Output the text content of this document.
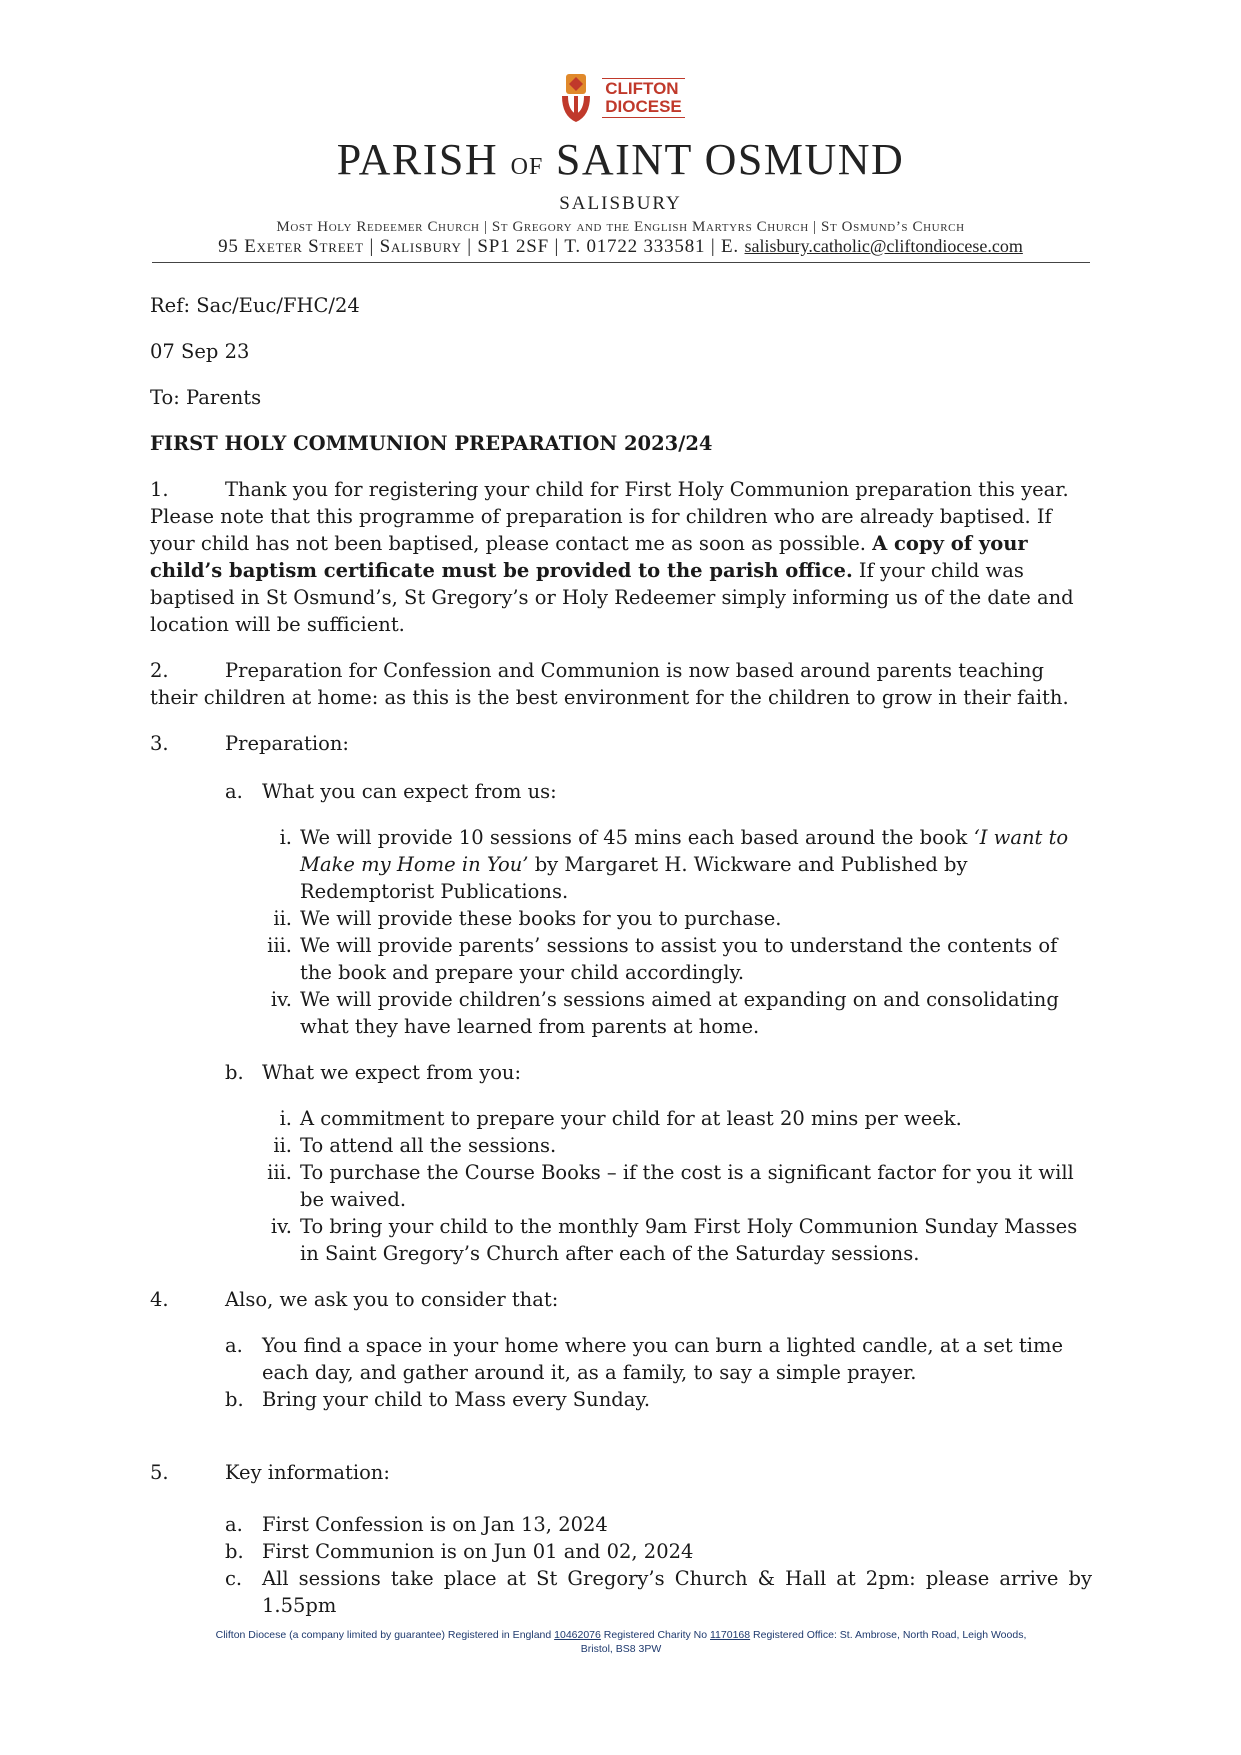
CLIFTON
DIOCESE
PARISH OF SAINT OSMUND
SALISBURY
Most Holy Redeemer Church | St Gregory and the English Martyrs Church | St Osmund’s Church
95 Exeter Street | Salisbury | SP1 2SF | T. 01722 333581 | E. salisbury.catholic@cliftondiocese.com

Ref: Sac/Euc/FHC/24

07 Sep 23

To: Parents

FIRST HOLY COMMUNION PREPARATION 2023/24

1.	Thank you for registering your child for First Holy Communion preparation this year. Please note that this programme of preparation is for children who are already baptised. If your child has not been baptised, please contact me as soon as possible. A copy of your child’s baptism certificate must be provided to the parish office. If your child was baptised in St Osmund’s, St Gregory’s or Holy Redeemer simply informing us of the date and location will be sufficient.

2.	Preparation for Confession and Communion is now based around parents teaching their children at home: as this is the best environment for the children to grow in their faith.

3.	Preparation:

a. What you can expect from us:
i. We will provide 10 sessions of 45 mins each based around the book ‘I want to Make my Home in You’ by Margaret H. Wickware and Published by Redemptorist Publications.
ii. We will provide these books for you to purchase.
iii. We will provide parents’ sessions to assist you to understand the contents of the book and prepare your child accordingly.
iv. We will provide children’s sessions aimed at expanding on and consolidating what they have learned from parents at home.
b. What we expect from you:
i. A commitment to prepare your child for at least 20 mins per week.
ii. To attend all the sessions.
iii. To purchase the Course Books – if the cost is a significant factor for you it will be waived.
iv. To bring your child to the monthly 9am First Holy Communion Sunday Masses in Saint Gregory’s Church after each of the Saturday sessions.

4.	Also, we ask you to consider that:

a. You find a space in your home where you can burn a lighted candle, at a set time each day, and gather around it, as a family, to say a simple prayer.
b. Bring your child to Mass every Sunday.

5.	Key information:

a. First Confession is on Jan 13, 2024
b. First Communion is on Jun 01 and 02, 2024
c. All sessions take place at St Gregory’s Church & Hall at 2pm: please arrive by 1.55pm
Clifton Diocese (a company limited by guarantee) Registered in England 10462076 Registered Charity No 1170168 Registered Office: St. Ambrose, North Road, Leigh Woods,
Bristol, BS8 3PW
